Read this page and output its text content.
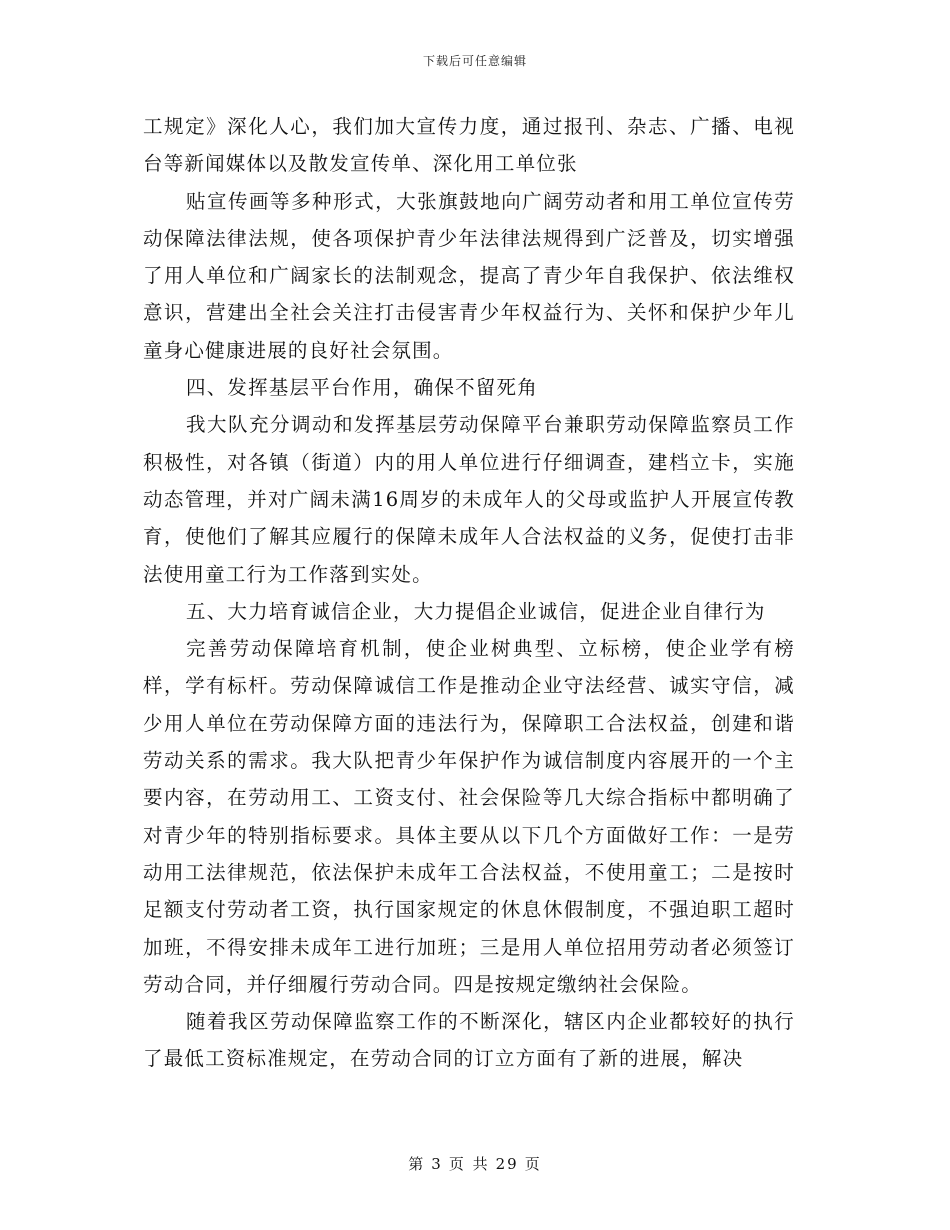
下载后可任意编辑

工规定》深化人心，我们加大宣传力度，通过报刊、杂志、广播、电视台等新闻媒体以及散发宣传单、深化用工单位张

贴宣传画等多种形式，大张旗鼓地向广阔劳动者和用工单位宣传劳动保障法律法规，使各项保护青少年法律法规得到广泛普及，切实增强了用人单位和广阔家长的法制观念，提高了青少年自我保护、依法维权意识，营建出全社会关注打击侵害青少年权益行为、关怀和保护少年儿童身心健康进展的良好社会氛围。

四、发挥基层平台作用，确保不留死角

我大队充分调动和发挥基层劳动保障平台兼职劳动保障监察员工作积极性，对各镇（街道）内的用人单位进行仔细调查，建档立卡，实施动态管理，并对广阔未满16周岁的未成年人的父母或监护人开展宣传教育，使他们了解其应履行的保障未成年人合法权益的义务，促使打击非法使用童工行为工作落到实处。

五、大力培育诚信企业，大力提倡企业诚信，促进企业自律行为

完善劳动保障培育机制，使企业树典型、立标榜，使企业学有榜样，学有标杆。劳动保障诚信工作是推动企业守法经营、诚实守信，减少用人单位在劳动保障方面的违法行为，保障职工合法权益，创建和谐劳动关系的需求。我大队把青少年保护作为诚信制度内容展开的一个主要内容，在劳动用工、工资支付、社会保险等几大综合指标中都明确了对青少年的特别指标要求。具体主要从以下几个方面做好工作：一是劳动用工法律规范，依法保护未成年工合法权益，不使用童工；二是按时足额支付劳动者工资，执行国家规定的休息休假制度，不强迫职工超时加班，不得安排未成年工进行加班；三是用人单位招用劳动者必须签订劳动合同，并仔细履行劳动合同。四是按规定缴纳社会保险。

随着我区劳动保障监察工作的不断深化，辖区内企业都较好的执行了最低工资标准规定，在劳动合同的订立方面有了新的进展，解决

第 3 页 共 29 页
